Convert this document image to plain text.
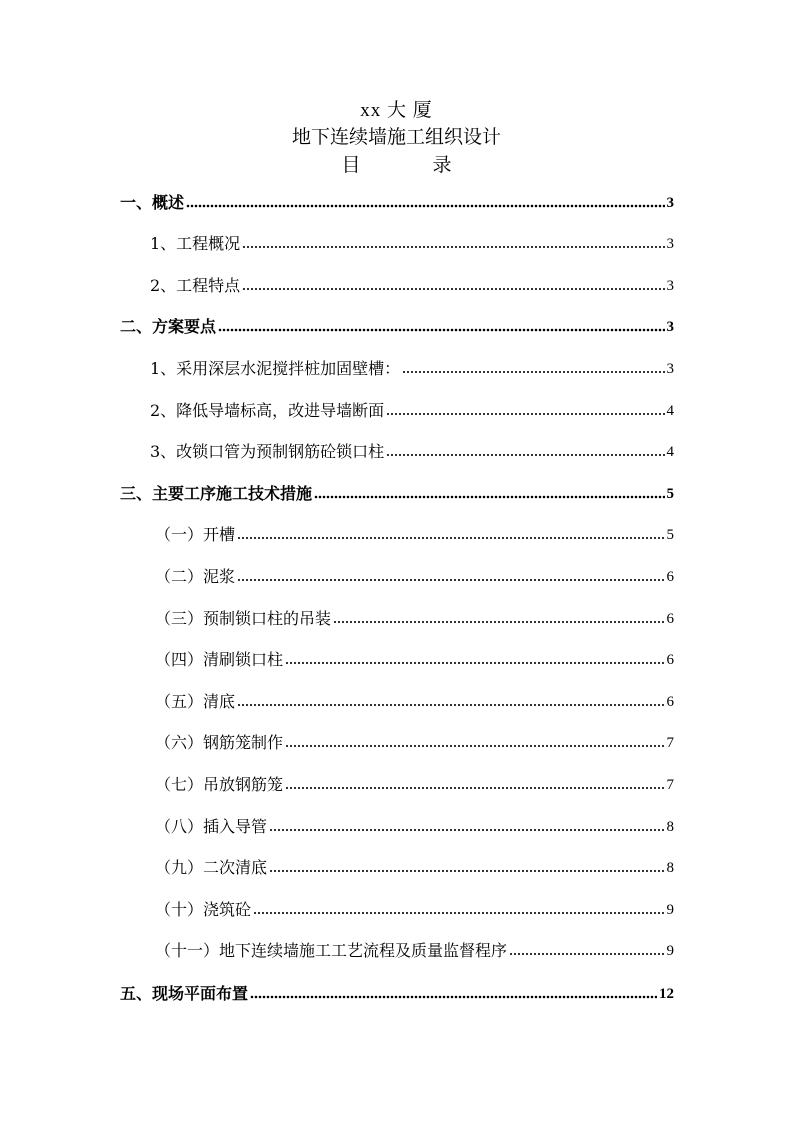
xx 大 厦
地下连续墙施工组织设计
目	录
一、概述	3
1、工程概况	3
2、工程特点	3
二、方案要点	3
1、采用深层水泥搅拌桩加固壁槽：	3
2、降低导墙标高，改进导墙断面	4
3、改锁口管为预制钢筋砼锁口柱	4
三、主要工序施工技术措施	5
（一）开槽	5
（二）泥浆	6
（三）预制锁口柱的吊装	6
（四）清刷锁口柱	6
（五）清底	6
（六）钢筋笼制作	7
（七）吊放钢筋笼	7
（八）插入导管	8
（九）二次清底	8
（十）浇筑砼	9
（十一）地下连续墙施工工艺流程及质量监督程序	9
五、现场平面布置	12
